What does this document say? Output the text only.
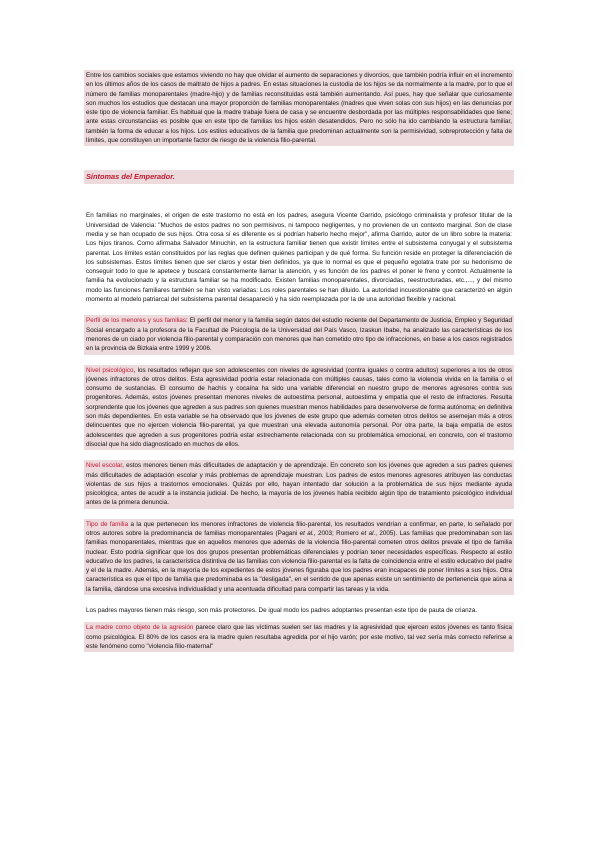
Entre los cambios sociales que estamos viviendo no hay que olvidar el aumento de separaciones y divorcios, que también podría influir en el incremento en los últimos años de los casos de maltrato de hijos a padres. En estas situaciones la custodia de los hijos se da normalmente a la madre, por lo que el número de familias monoparentales (madre-hijo) y de familias reconstituidas está también aumentando. Así pues, hay que señalar que curiosamente son muchos los estudios que destacan una mayor proporción de familias monoparentales (madres que viven solas con sus hijos) en las denuncias por este tipo de violencia familiar. Es habitual que la madre trabaje fuera de casa y se encuentre desbordada por las múltiples responsabilidades que tiene; ante estas circunstancias es posible que en este tipo de familias los hijos estén desatendidos. Pero no sólo ha ido cambiando la estructura familiar, también la forma de educar a los hijos. Los estilos educativos de la familia que predominan actualmente son la permisividad, sobreprotección y falta de límites, que constituyen un importante factor de riesgo de la violencia filio-parental.

Síntomas del Emperador.

En familias no marginales, el origen de este trastorno no está en los padres, asegura Vicente Garrido, psicólogo criminalista y profesor titular de la Universidad de Valencia: "Muchos de estos padres no son permisivos, ni tampoco negligentes, y no provienen de un contexto marginal. Son de clase media y se han ocupado de sus hijos. Otra cosa sí es diferente es si podrían haberlo hecho mejor", afirma Garrido, autor de un libro sobre la materia: Los hijos tiranos. Como afirmaba Salvador Minuchin, en la estructura familiar tienen que existir límites entre el subsistema conyugal y el subsistema parental. Los límites están constituidos por las reglas que definen quiénes participan y de qué forma. Su función reside en proteger la diferenciación de los subsistemas. Estos límites tienen que ser claros y estar bien definidos, ya que lo normal es que el pequeño egolatra trate por su hedonismo de conseguir todo lo que le apetece y buscará constantemente llamar la atención, y es función de los padres el poner le freno y control. Actualmente la familia ha evolucionado y la estructura familiar se ha modificado. Existen familias monoparentales, divorciadas, reestructuradas, etc.,..., y del mismo modo las funciones familiares también se han visto variadas: Los roles parentales se han diluido. La autoridad incuestionable que caracterizó en algún momento al modelo patriarcal del subsistema parental desapareció y ha sido reemplazada por la de una autoridad flexible y racional.

Perfil de los menores y sus familias: El perfil del menor y la familia según datos del estudio reciente del Departamento de Justicia, Empleo y Seguridad Social encargado a la profesora de la Facultad de Psicología de la Universidad del País Vasco, Izaskun Ibabe, ha analizado las características de los menores de un ciado por violencia filio-parental y comparación con menores que han cometido otro tipo de infracciones, en base a los casos registrados en la provincia de Bizkaia entre 1999 y 2006.

Nivel psicológico, los resultados reflejan que son adolescentes con niveles de agresividad (contra iguales o contra adultos) superiores a los de otros jóvenes infractores de otros delitos. Esta agresividad podría estar relacionada con múltiples causas, tales como la violencia vivida en la familia o el consumo de sustancias. El consumo de hachís y cocaína ha sido una variable diferencial en nuestro grupo de menores agresores contra sus progenitores. Además, estos jóvenes presentan menores niveles de autoestima personal, autoestima y empatía que el resto de infractores. Resulta sorprendente que los jóvenes que agreden a sus padres son quienes muestran menos habilidades para desenvolverse de forma autónoma; en definitiva son más dependientes. En esta variable se ha observado que los jóvenes de este grupo que además cometen otros delitos se asemejan más a otros delincuentes que no ejercen violencia filio-parental, ya que muestran una elevada autonomía personal. Por otra parte, la baja empatía de estos adolescentes que agreden a sus progenitores podría estar estrechamente relacionada con su problemática emocional, en concreto, con el trastorno disocial que ha sido diagnosticado en muchos de ellos.

Nivel escolar, estos menores tienen más dificultades de adaptación y de aprendizaje. En concreto son los jóvenes que agreden a sus padres quienes más dificultades de adaptación escolar y más problemas de aprendizaje muestran. Los padres de estos menores agresores atribuyen las conductas violentas de sus hijos a trastornos emocionales. Quizás por ello, hayan intentado dar solución a la problemática de sus hijos mediante ayuda psicológica, antes de acudir a la instancia judicial. De hecho, la mayoría de los jóvenes había recibido algún tipo de tratamiento psicológico individual antes de la primera denuncia.

Tipo de familia a la que pertenecen los menores infractores de violencia filio-parental, los resultados vendrían a confirmar, en parte, lo señalado por otros autores sobre la predominancia de familias monoparentales (Pagani et al., 2003; Romero et al., 2005). Las familias que predominaban son las familias monoparentales, mientras que en aquellos menores que además de la violencia filio-parental cometen otros delitos prevale el tipo de familia nuclear. Esto podría significar que los dos grupos presentan problemáticas diferenciales y podrían tener necesidades específicas. Respecto al estilo educativo de los padres, la característica distintiva de las familias con violencia filio-parental es la falta de coincidencia entre el estilo educativo del padre y el de la madre. Además, en la mayoría de los expedientes de estos jóvenes figuraba que los padres eran incapaces de poner límites a sus hijos. Otra característica es que el tipo de familia que predominaba es la "desligada", en el sentido de que apenas existe un sentimiento de pertenencia que aúna a la familia, dándose una excesiva individualidad y una acentuada dificultad para compartir las tareas y la vida.

Los padres mayores tienen más riesgo, son más protectores. De igual modo los padres adoptantes presentan este tipo de pauta de crianza.

La madre como objeto de la agresión parece claro que las víctimas suelen ser las madres y la agresividad que ejercen estos jóvenes es tanto física como psicológica. El 80% de los casos era la madre quien resultaba agredida por el hijo varón; por este motivo, tal vez sería más correcto referirse a este fenómeno como "violencia filio-maternal"
